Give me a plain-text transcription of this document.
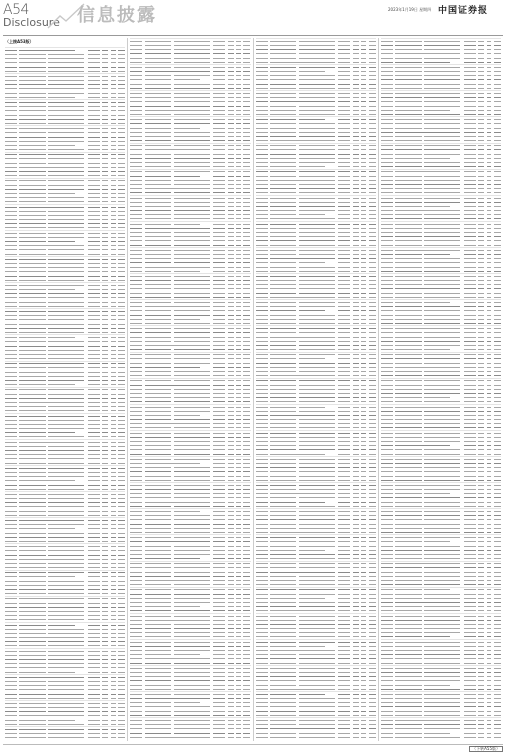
A54
Disclosure 信息披露	2023年1月19日 星期四 中国证券报
（上接A53版）
（下转A55版）
